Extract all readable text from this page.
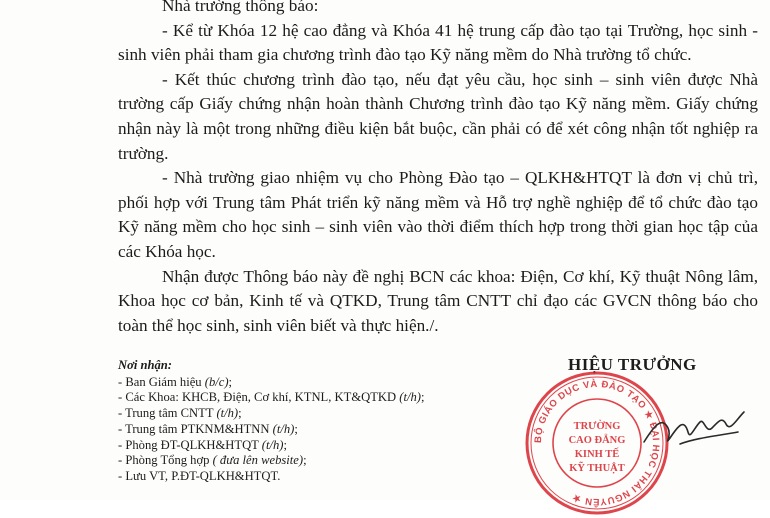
Nhà trường thông báo:

- Kể từ Khóa 12 hệ cao đẳng và Khóa 41 hệ trung cấp đào tạo tại Trường, học sinh - sinh viên phải tham gia chương trình đào tạo Kỹ năng mềm do Nhà trường tổ chức.

- Kết thúc chương trình đào tạo, nếu đạt yêu cầu, học sinh – sinh viên được Nhà trường cấp Giấy chứng nhận hoàn thành Chương trình đào tạo Kỹ năng mềm. Giấy chứng nhận này là một trong những điều kiện bắt buộc, cần phải có để xét công nhận tốt nghiệp ra trường.

- Nhà trường giao nhiệm vụ cho Phòng Đào tạo – QLKH&HTQT là đơn vị chủ trì, phối hợp với Trung tâm Phát triển kỹ năng mềm và Hỗ trợ nghề nghiệp để tổ chức đào tạo Kỹ năng mềm cho học sinh – sinh viên vào thời điểm thích hợp trong thời gian học tập của các Khóa học.

Nhận được Thông báo này đề nghị BCN các khoa: Điện, Cơ khí, Kỹ thuật Nông lâm, Khoa học cơ bản, Kinh tế và QTKD, Trung tâm CNTT chỉ đạo các GVCN thông báo cho toàn thể học sinh, sinh viên biết và thực hiện./.

Nơi nhận:
- Ban Giám hiệu (b/c);
- Các Khoa: KHCB, Điện, Cơ khí, KTNL, KT&QTKD (t/h);
- Trung tâm CNTT (t/h);
- Trung tâm PTKNM&HTNN (t/h);
- Phòng ĐT-QLKH&HTQT (t/h);
- Phòng Tổng hợp ( đưa lên website);
- Lưu VT, P.ĐT-QLKH&HTQT.
HIỆU TRƯỞNG
BỘ GIÁO DỤC VÀ ĐÀO TẠO ★ ĐẠI HỌC THÁI NGUYÊN ★
TRƯỜNG
CAO ĐẲNG
KINH TẾ
KỸ THUẬT
